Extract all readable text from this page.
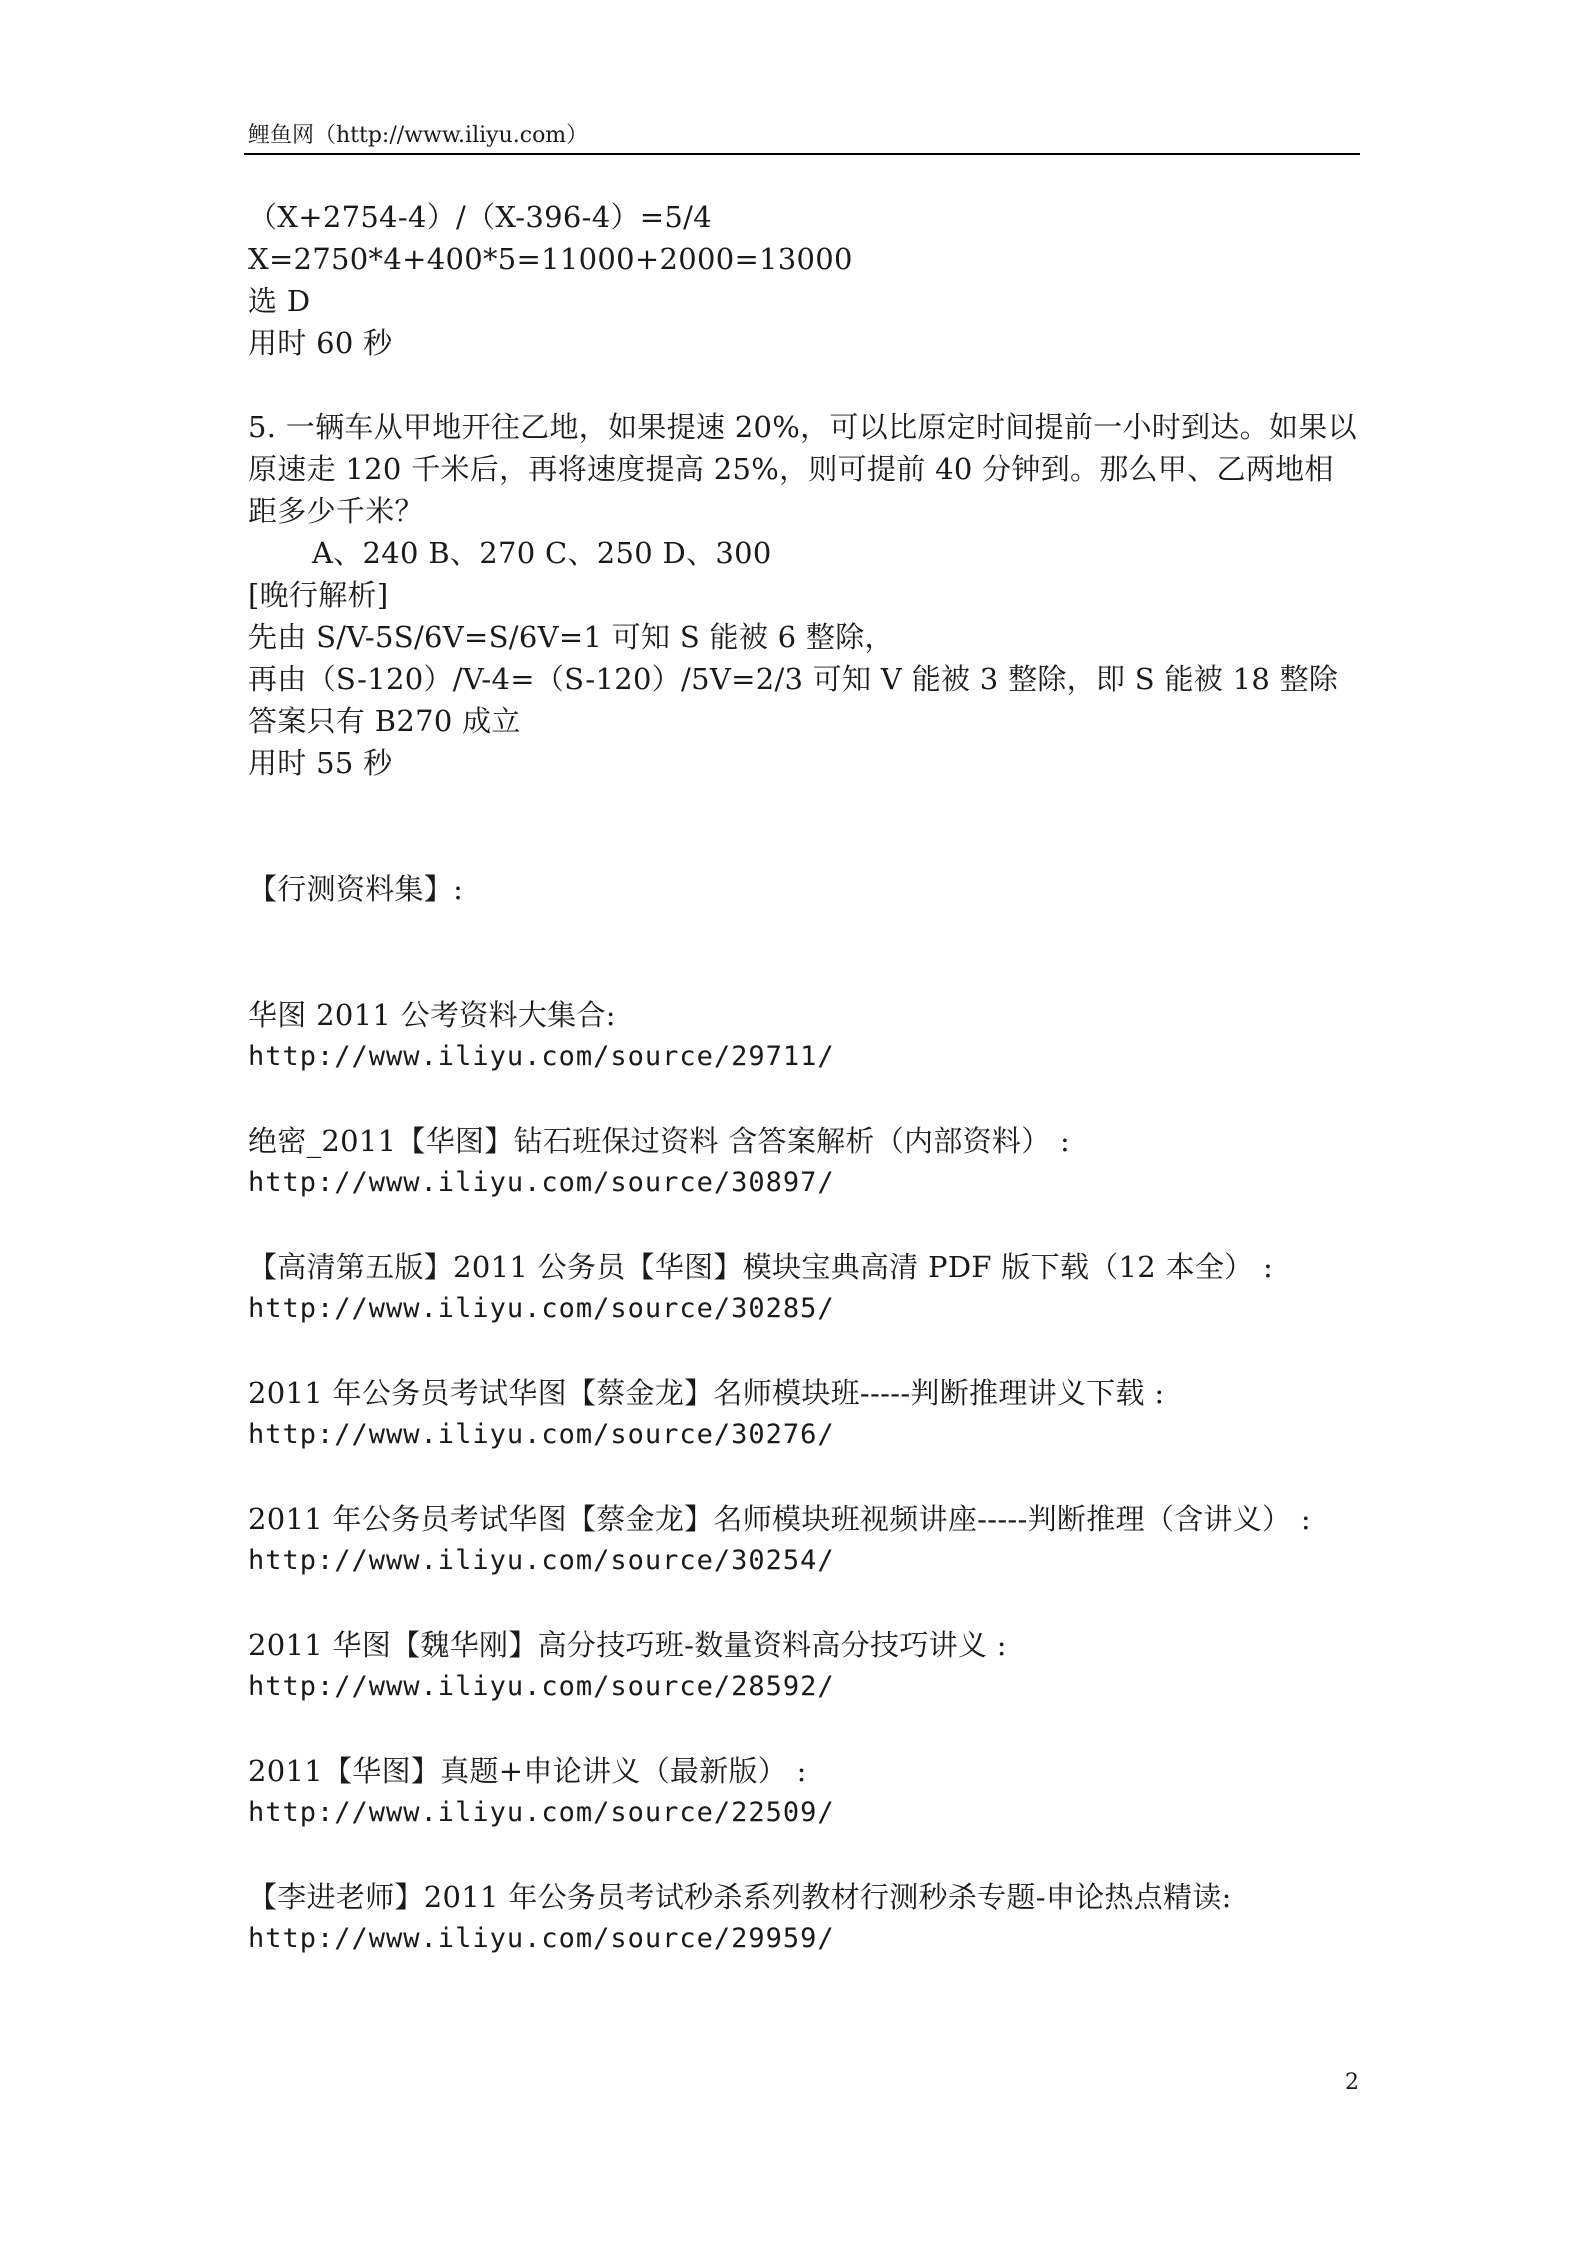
鲤鱼网（http://www.iliyu.com）
（X+2754-4）/（X-396-4）=5/4
X=2750*4+400*5=11000+2000=13000
选 D
用时 60 秒
5. 一辆车从甲地开往乙地，如果提速 20%，可以比原定时间提前一小时到达。如果以原速走 120 千米后，再将速度提高 25%，则可提前 40 分钟到。那么甲、乙两地相距多少千米？
A、240 B、270 C、250 D、300
[晚行解析]
先由 S/V-5S/6V=S/6V=1 可知 S 能被 6 整除，
再由（S-120）/V-4=（S-120）/5V=2/3 可知 V 能被 3 整除，即 S 能被 18 整除
答案只有 B270 成立
用时 55 秒
【行测资料集】:
华图 2011 公考资料大集合:
http://www.iliyu.com/source/29711/
绝密_2011【华图】钻石班保过资料 含答案解析（内部资料） :
http://www.iliyu.com/source/30897/
【高清第五版】2011 公务员【华图】模块宝典高清 PDF 版下载（12 本全） :
http://www.iliyu.com/source/30285/
2011 年公务员考试华图【蔡金龙】名师模块班-----判断推理讲义下载 :
http://www.iliyu.com/source/30276/
2011 年公务员考试华图【蔡金龙】名师模块班视频讲座-----判断推理（含讲义） :
http://www.iliyu.com/source/30254/
2011 华图【魏华刚】高分技巧班-数量资料高分技巧讲义 :
http://www.iliyu.com/source/28592/
2011【华图】真题+申论讲义（最新版） :
http://www.iliyu.com/source/22509/
【李进老师】2011 年公务员考试秒杀系列教材行测秒杀专题-申论热点精读:
http://www.iliyu.com/source/29959/
2
